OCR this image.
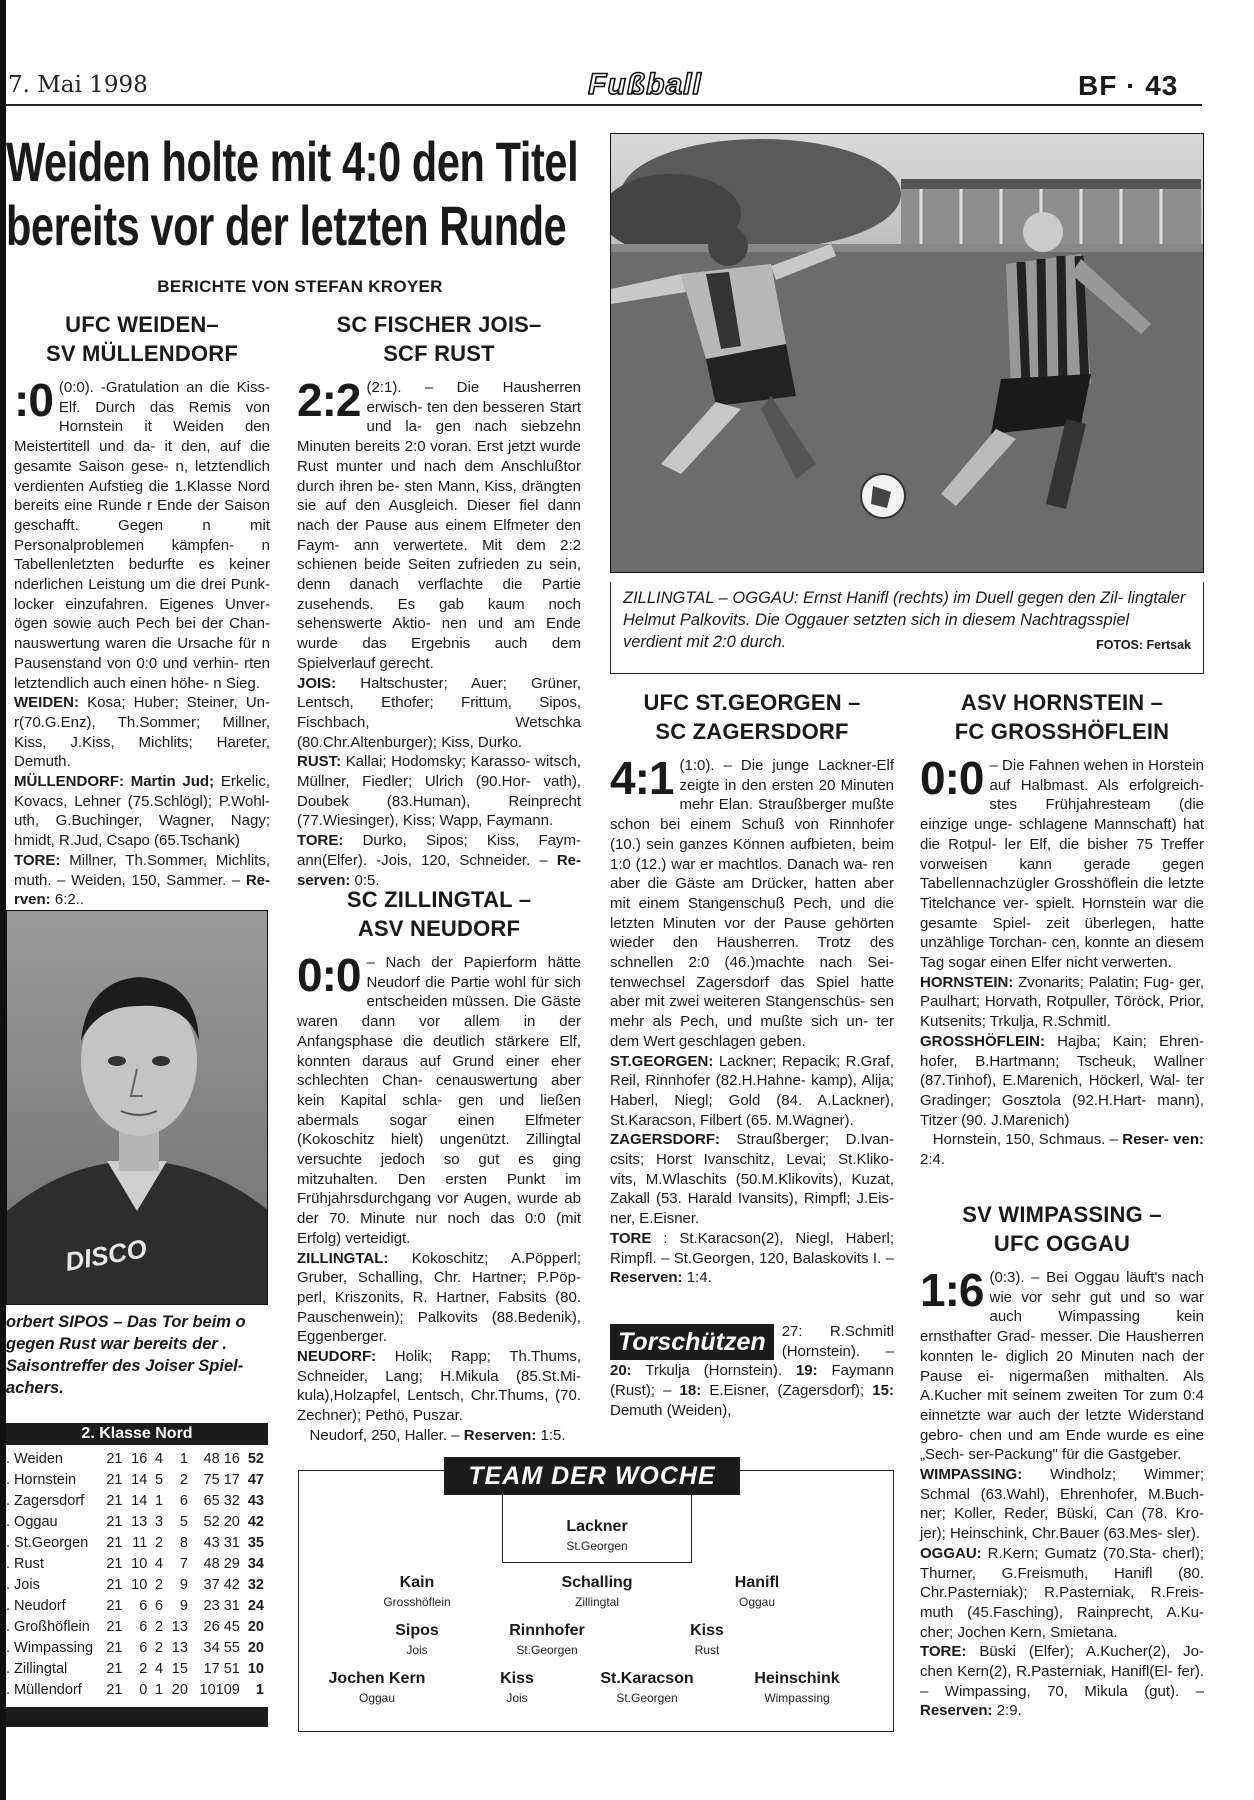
7. Mai 1998	Fußball	BF · 43
Weiden holte mit 4:0 den Titel
bereits vor der letzten Runde
BERICHTE VON STEFAN KROYER
UFC WEIDEN–
SV MÜLLENDORF
:0 (0:0). -Gratulation an die Kiss-Elf. Durch das Remis von Hornstein it Weiden den Meistertitell und da- it den, auf die gesamte Saison gese- n, letztendlich verdienten Aufstieg die 1.Klasse Nord bereits eine Runde r Ende der Saison geschafft. Gegen n mit Personalproblemen kämpfen- n Tabellenletzten bedurfte es keiner nderlichen Leistung um die drei Punk- locker einzufahren. Eigenes Unver- ögen sowie auch Pech bei der Chan- nauswertung waren die Ursache für n Pausenstand von 0:0 und verhin- rten letztendlich auch einen höhe- n Sieg.
WEIDEN: Kosa; Huber; Steiner, Un- r(70.G.Enz), Th.Sommer; Millner, Kiss, J.Kiss, Michlits; Hareter, Demuth.
MÜLLENDORF: Martin Jud; Erkelic, Kovacs, Lehner (75.Schlögl); P.Wohl- uth, G.Buchinger, Wagner, Nagy; hmidt, R.Jud, Csapo (65.Tschank)
TORE: Millner, Th.Sommer, Michlits, muth. – Weiden, 150, Sammer. – Re- rven: 6:2..
DISCO
orbert SIPOS – Das Tor beim o gegen Rust war bereits der . Saisontreffer des Joiser Spiel- achers.
2. Klasse Nord
. Weiden	21	16	4	1	48 16	52
. Hornstein	21	14	5	2	75 17	47
. Zagersdorf	21	14	1	6	65 32	43
. Oggau	21	13	3	5	52 20	42
. St.Georgen	21	11	2	8	43 31	35
. Rust	21	10	4	7	48 29	34
. Jois	21	10	2	9	37 42	32
. Neudorf	21	6	6	9	23 31	24
. Großhöflein	21	6	2	13	26 45	20
. Wimpassing	21	6	2	13	34 55	20
. Zillingtal	21	2	4	15	17 51	10
. Müllendorf	21	0	1	20	10109	1
SC FISCHER JOIS–
SCF RUST
2:2 (2:1). – Die Hausherren erwisch- ten den besseren Start und la- gen nach siebzehn Minuten bereits 2:0 voran. Erst jetzt wurde Rust munter und nach dem Anschlußtor durch ihren be- sten Mann, Kiss, drängten sie auf den Ausgleich. Dieser fiel dann nach der Pause aus einem Elfmeter den Faym- ann verwertete. Mit dem 2:2 schienen beide Seiten zufrieden zu sein, denn danach verflachte die Partie zusehends. Es gab kaum noch sehenswerte Aktio- nen und am Ende wurde das Ergebnis auch dem Spielverlauf gerecht.
JOIS: Haltschuster; Auer; Grüner, Lentsch, Ethofer; Frittum, Sipos, Fischbach, Wetschka (80.Chr.Altenburger); Kiss, Durko.
RUST: Kallai; Hodomsky; Karasso- witsch, Müllner, Fiedler; Ulrich (90.Hor- vath), Doubek (83.Human), Reinprecht (77.Wiesinger), Kiss; Wapp, Faymann.
TORE: Durko, Sipos; Kiss, Faym- ann(Elfer). -Jois, 120, Schneider. – Re- serven: 0:5.
SC ZILLINGTAL –
ASV NEUDORF
0:0 – Nach der Papierform hätte Neudorf die Partie wohl für sich entscheiden müssen. Die Gäste waren dann vor allem in der Anfangsphase die deutlich stärkere Elf, konnten daraus auf Grund einer eher schlechten Chan- cenauswertung aber kein Kapital schla- gen und ließen abermals sogar einen Elfmeter (Kokoschitz hielt) ungenützt. Zillingtal versuchte jedoch so gut es ging mitzuhalten. Den ersten Punkt im Frühjahrsdurchgang vor Augen, wurde ab der 70. Minute nur noch das 0:0 (mit Erfolg) verteidigt.
ZILLINGTAL: Kokoschitz; A.Pöpperl; Gruber, Schalling, Chr. Hartner; P.Pöp- perl, Kriszonits, R. Hartner, Fabsits (80. Pauschenwein); Palkovits (88.Bedenik), Eggenberger.
NEUDORF: Holik; Rapp; Th.Thums, Schneider, Lang; H.Mikula (85.St.Mi- kula),Holzapfel, Lentsch, Chr.Thums, (70. Zechner); Pethö, Puszar.
Neudorf, 250, Haller. – Reserven: 1:5.
ZILLINGTAL – OGGAU: Ernst Hanifl (rechts) im Duell gegen den Zil- lingtaler Helmut Palkovits. Die Oggauer setzten sich in diesem Nachtragsspiel verdient mit 2:0 durch.	FOTOS: Fertsak
UFC ST.GEORGEN –
SC ZAGERSDORF
4:1 (1:0). – Die junge Lackner-Elf zeigte in den ersten 20 Minuten mehr Elan. Straußberger mußte schon bei einem Schuß von Rinnhofer (10.) sein ganzes Können aufbieten, beim 1:0 (12.) war er machtlos. Danach wa- ren aber die Gäste am Drücker, hatten aber mit einem Stangenschuß Pech, und die letzten Minuten vor der Pause gehörten wieder den Hausherren. Trotz des schnellen 2:0 (46.)machte nach Sei- tenwechsel Zagersdorf das Spiel hatte aber mit zwei weiteren Stangenschüs- sen mehr als Pech, und mußte sich un- ter dem Wert geschlagen geben.
ST.GEORGEN: Lackner; Repacik; R.Graf, Reil, Rinnhofer (82.H.Hahne- kamp), Alija; Haberl, Niegl; Gold (84. A.Lackner), St.Karacson, Filbert (65. M.Wagner).
ZAGERSDORF: Straußberger; D.Ivan- csits; Horst Ivanschitz, Levai; St.Kliko- vits, M.Wlaschits (50.M.Klikovits), Kuzat, Zakall (53. Harald Ivansits), Rimpfl; J.Eis- ner, E.Eisner.
TORE : St.Karacson(2), Niegl, Haberl; Rimpfl. – St.Georgen, 120, Balaskovits I. – Reserven: 1:4.
Torschützen	27: R.Schmitl (Hornstein). – 20: Trkulja (Hornstein). 19: Faymann (Rust); – 18: E.Eisner, (Zagersdorf); 15: Demuth (Weiden),
ASV HORNSTEIN –
FC GROSSHÖFLEIN
0:0 – Die Fahnen wehen in Horstein auf Halbmast. Als erfolgreich- stes Frühjahresteam (die einzige unge- schlagene Mannschaft) hat die Rotpul- ler Elf, die bisher 75 Treffer vorweisen kann gerade gegen Tabellennachzügler Grosshöflein die letzte Titelchance ver- spielt. Hornstein war die gesamte Spiel- zeit überlegen, hatte unzählige Torchan- cen, konnte an diesem Tag sogar einen Elfer nicht verwerten.
HORNSTEIN: Zvonarits; Palatin; Fug- ger, Paulhart; Horvath, Rotpuller, Töröck, Prior, Kutsenits; Trkulja, R.Schmitl.
GROSSHÖFLEIN: Hajba; Kain; Ehren- hofer, B.Hartmann; Tscheuk, Wallner (87.Tinhof), E.Marenich, Höckerl, Wal- ter Gradinger; Gosztola (92.H.Hart- mann), Titzer (90. J.Marenich)
Hornstein, 150, Schmaus. – Reser- ven: 2:4.
SV WIMPASSING –
UFC OGGAU
1:6 (0:3). – Bei Oggau läuft's nach wie vor sehr gut und so war auch Wimpassing kein ernsthafter Grad- messer. Die Hausherren konnten le- diglich 20 Minuten nach der Pause ei- nigermaßen mithalten. Als A.Kucher mit seinem zweiten Tor zum 0:4 einnetzte war auch der letzte Widerstand gebro- chen und am Ende wurde es eine „Sech- ser-Packung" für die Gastgeber.
WIMPASSING: Windholz; Wimmer; Schmal (63.Wahl), Ehrenhofer, M.Buch- ner; Koller, Reder, Büski, Can (78. Kro- jer); Heinschink, Chr.Bauer (63.Mes- sler).
OGGAU: R.Kern; Gumatz (70.Sta- cherl); Thurner, G.Freismuth, Hanifl (80. Chr.Pasterniak); R.Pasterniak, R.Freis- muth (45.Fasching), Rainprecht, A.Ku- cher; Jochen Kern, Smietana.
TORE: Büski (Elfer); A.Kucher(2), Jo- chen Kern(2), R.Pasterniak, Hanifl(El- fer). – Wimpassing, 70, Mikula (gut). – Reserven: 2:9.
TEAM DER WOCHE
Lackner
St.Georgen
Kain
Grosshöflein
Schalling
Zillingtal
Hanifl
Oggau
Sipos
Jois
Rinnhofer
St.Georgen
Kiss
Rust
Jochen Kern
Oggau
Kiss
Jois
St.Karacson
St.Georgen
Heinschink
Wimpassing
